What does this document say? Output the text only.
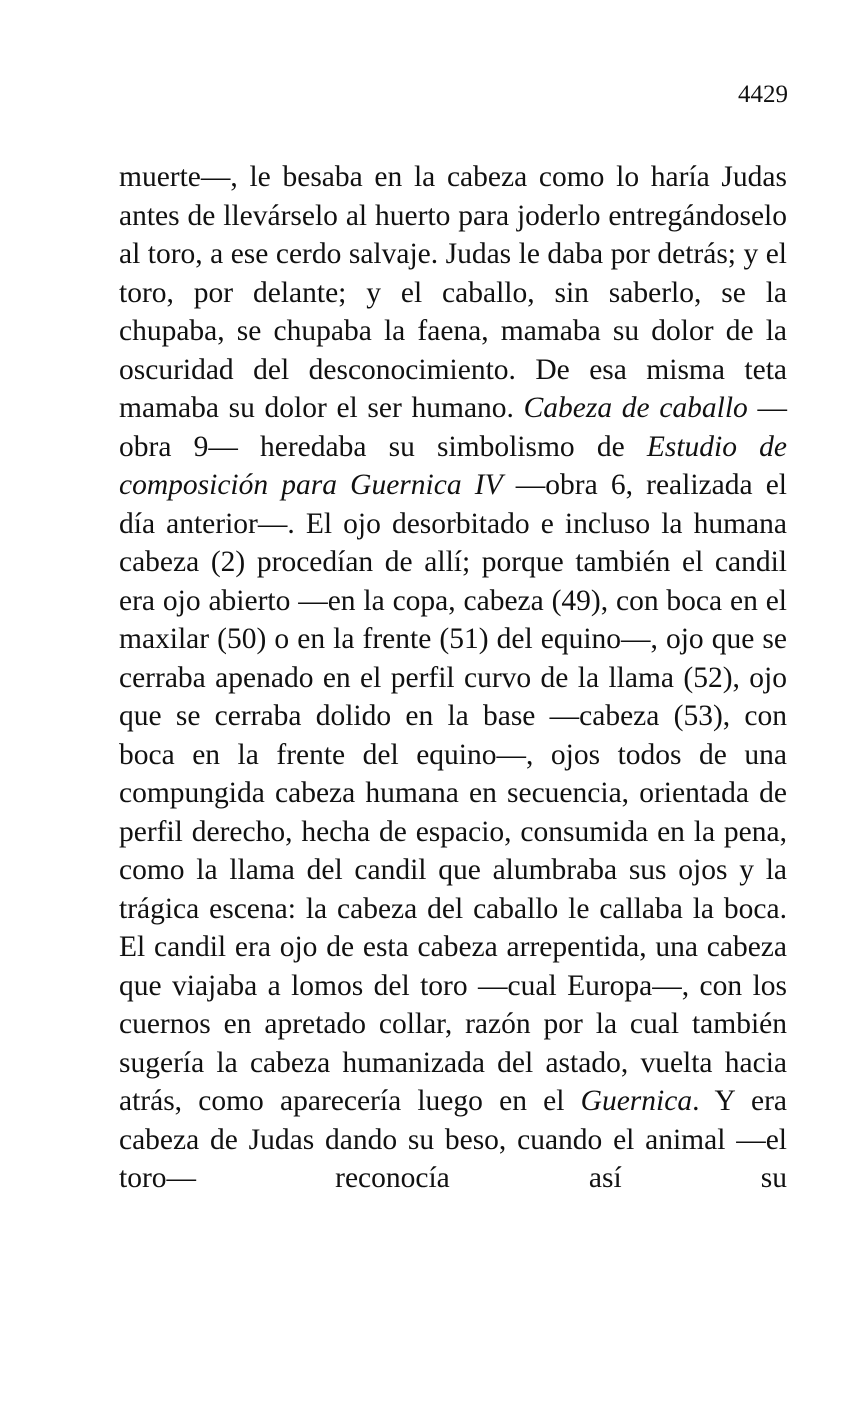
4429
muerte—, le besaba en la cabeza como lo haría Judas antes de llevárselo al huerto para joderlo entregándoselo al toro, a ese cerdo salvaje. Judas le daba por detrás; y el toro, por delante; y el caballo, sin saberlo, se la chupaba, se chupaba la faena, mamaba su dolor de la oscuridad del desconocimiento. De esa misma teta mamaba su dolor el ser humano. Cabeza de caballo —obra 9— heredaba su simbolismo de Estudio de composición para Guernica IV —obra 6, realizada el día anterior—. El ojo desorbitado e incluso la humana cabeza (2) procedían de allí; porque también el candil era ojo abierto —en la copa, cabeza (49), con boca en el maxilar (50) o en la frente (51) del equino—, ojo que se cerraba apenado en el perfil curvo de la llama (52), ojo que se cerraba dolido en la base —cabeza (53), con boca en la frente del equino—, ojos todos de una compungida cabeza humana en secuencia, orientada de perfil derecho, hecha de espacio, consumida en la pena, como la llama del candil que alumbraba sus ojos y la trágica escena: la cabeza del caballo le callaba la boca. El candil era ojo de esta cabeza arrepentida, una cabeza que viajaba a lomos del toro —cual Europa—, con los cuernos en apretado collar, razón por la cual también sugería la cabeza humanizada del astado, vuelta hacia atrás, como aparecería luego en el Guernica. Y era cabeza de Judas dando su beso, cuando el animal —el toro— reconocía así su
